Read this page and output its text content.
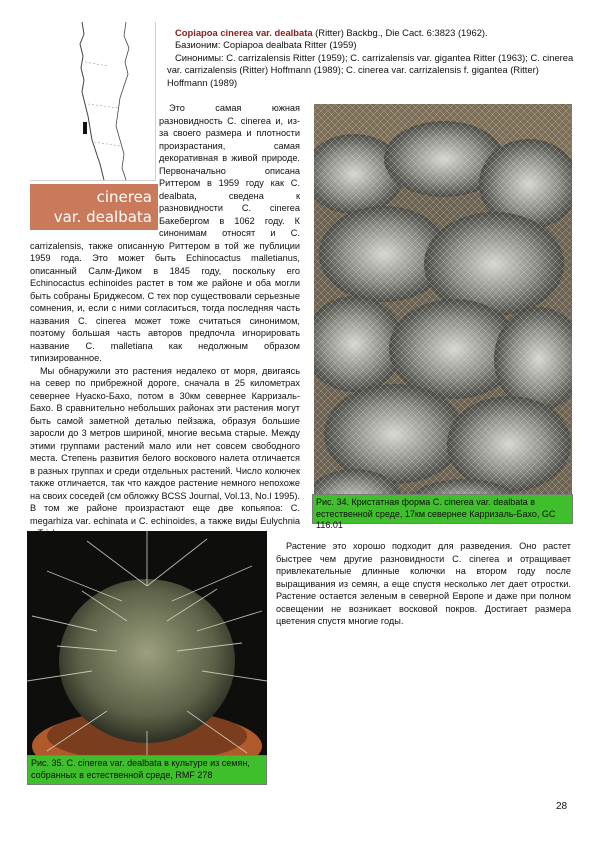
cinerea
var. dealbata

Copiapoa cinerea var. dealbata (Ritter) Backbg., Die Cact. 6:3823 (1962).

Базионим: Copiapoa dealbata Ritter (1959)

Синонимы: C. carrizalensis Ritter (1959); C. carrizalensis var. gigantea Ritter (1963); C. cinerea var. carrizalensis (Ritter) Hoffmann (1989); C. cinerea var. carrizalensis f. gigantea (Ritter) Hoffmann (1989)

Это самая южная разновидность C. cinerea и, из-за своего размера и плотности произрастания, самая декоративная в живой природе. Первоначально описана Риттером в 1959 году как C. dealbata, сведена к разновидности C. cinerea Бакебергом в 1062 году. К синонимам относят и C. carrizalensis, также описанную Риттером в той же публиции 1959 года. Это может быть Echinocactus malletianus, описанный Салм-Диком в 1845 году, поскольку его Echinocactus echinoides растет в том же районе и оба могли быть собраны Бриджесом. С тех пор существовали серьезные сомнения, и, если с ними согласиться, тогда последняя часть названия C. cinerea может тоже считаться синонимом, поэтому большая часть авторов предпочла игнорировать название C. malletiana как недолжным образом типизированное.

Мы обнаружили это растения недалеко от моря, двигаясь на север по прибрежной дороге, сначала в 25 километрах севернее Нуаско-Бахо, потом в 30км севернее Карризаль-Бахо. В сравнительно небольших районах эти растения могут быть самой заметной деталью пейзажа, образуя большие заросли до 3 метров шириной, многие весьма старые. Между этими группами растений мало или нет совсем свободного места. Степень развития белого воскового налета отличается в разных группах и среди отдельных растений. Число колючек также отличается, так что каждое растение немного непохоже на своих соседей (см обложку BCSS Journal, Vol.13, No.l 1995). В том же районе произрастают еще две копьяпоа: C. megarhiza var. echinata и C. echinoides, а также виды Eulychnia

Рис. 34. Кристатная форма C. cinerea var. dealbata в естественной среде, 17км севернее Карризаль-Бахо, GC 116.01
Рис. 35. C. cinerea var. dealbata в культуре из семян, собранных в естественной среде, RMF 278

Растение это хорошо подходит для разведения. Оно растет быстрее чем другие разновидности C. cinerea и отращивает привлекательные длинные колючки на втором году после выращивания из семян, а еще спустя несколько лет дает отростки. Растение остается зеленым в северной Европе и даже при полном освещении не возникает восковой покров. Достигает размера цветения спустя многие годы.

28
